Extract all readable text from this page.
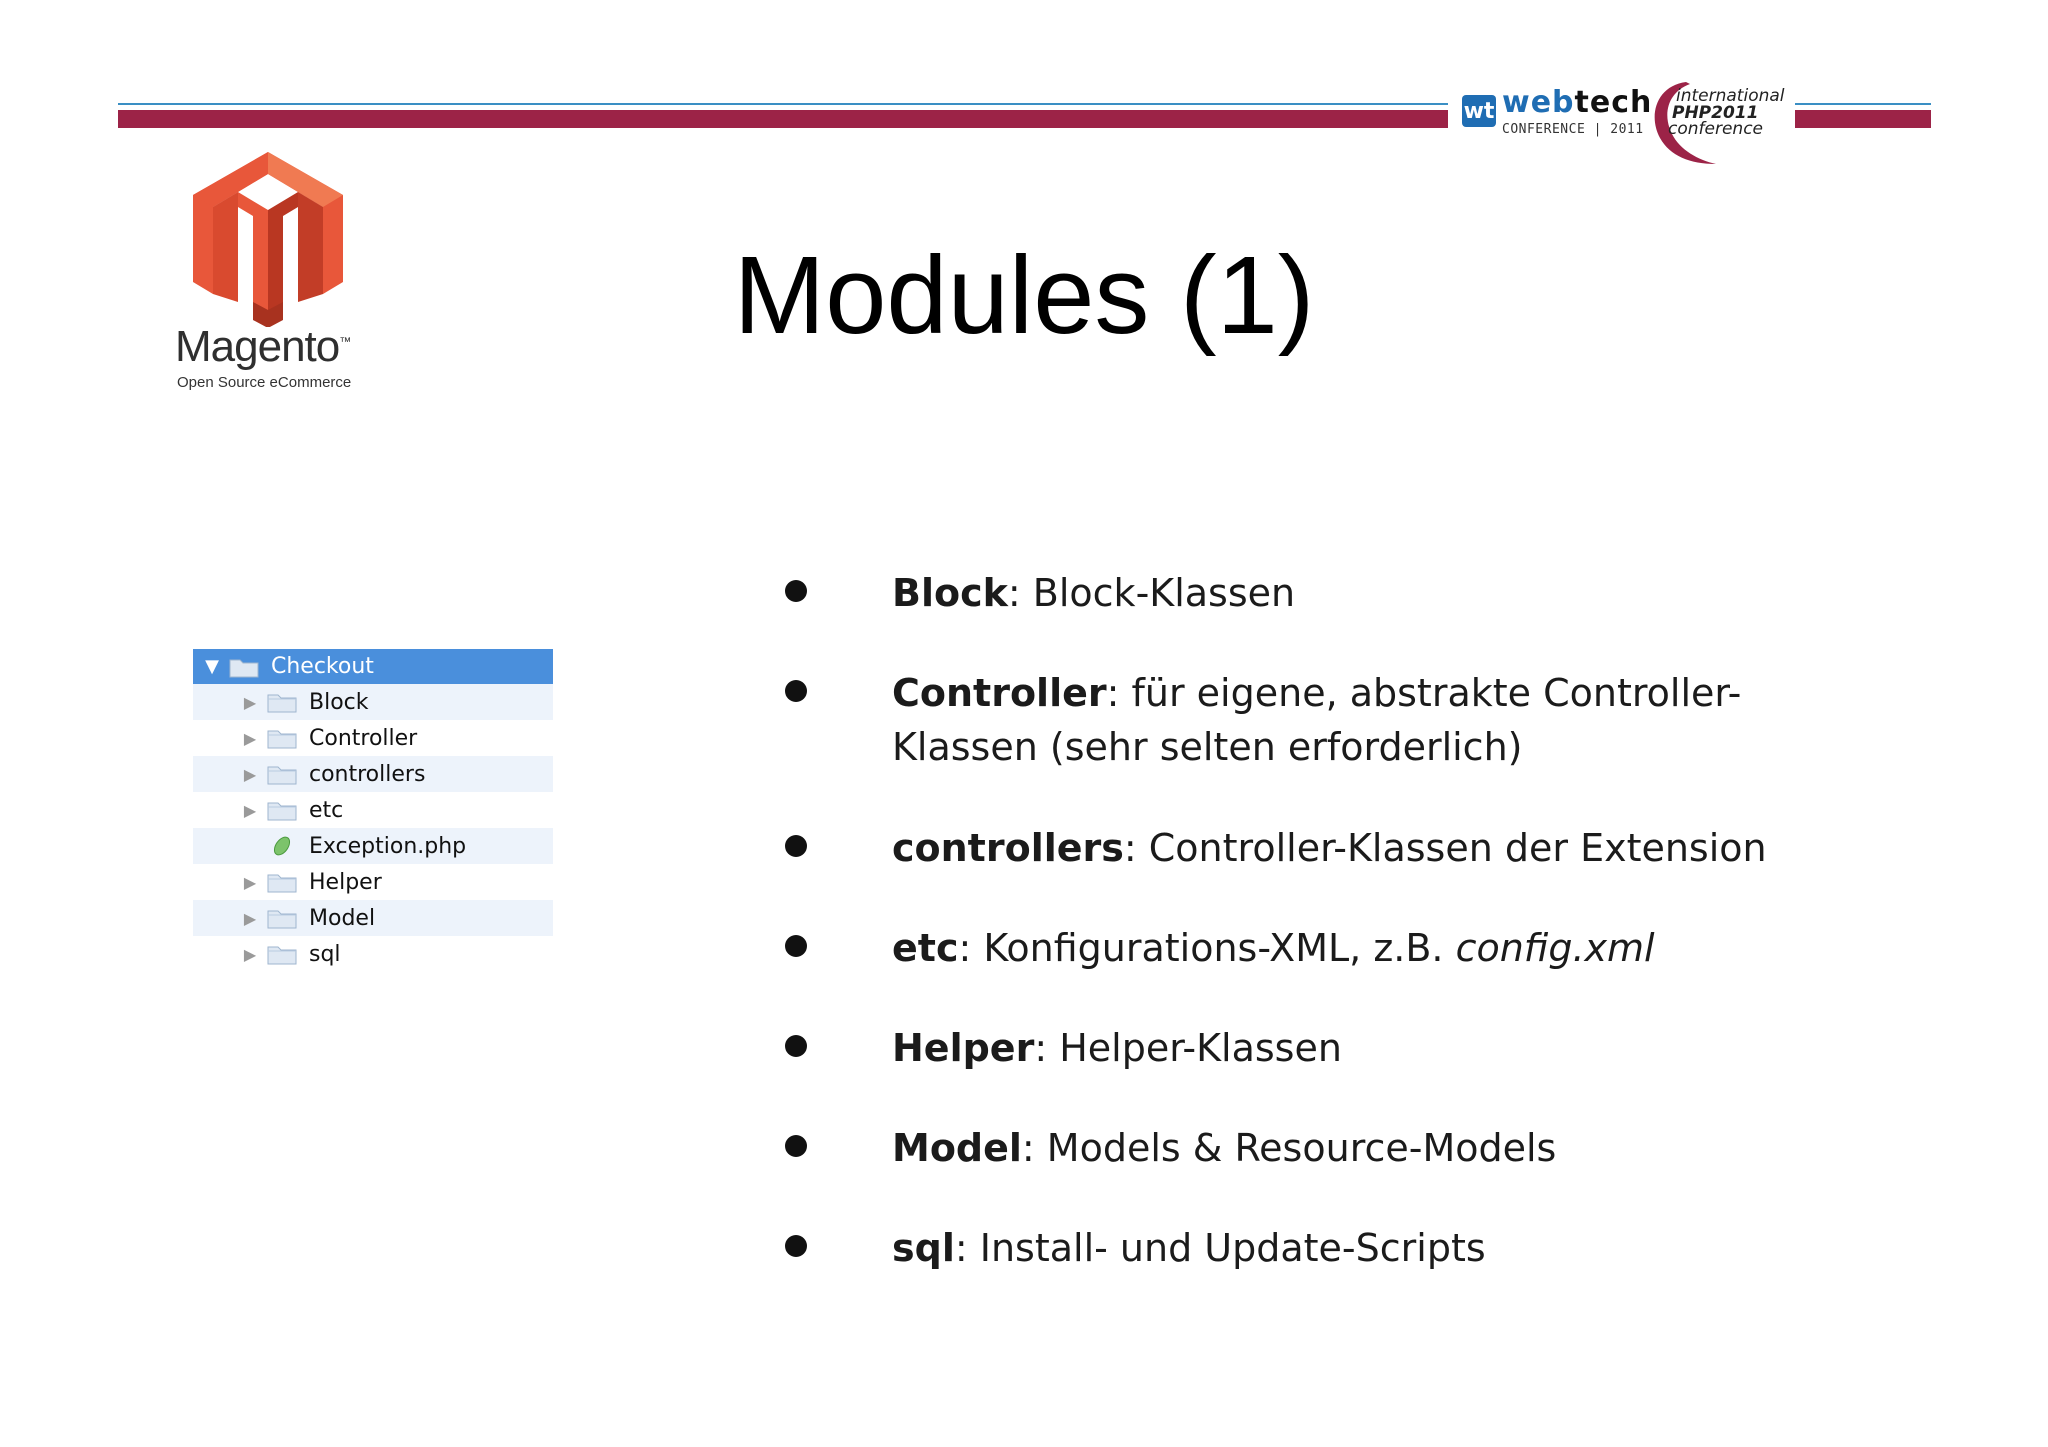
wt webtech
CONFERENCE | 2011
international
PHP2011
conference
Magento™
Open Source eCommerce
Modules (1)
▼	Checkout
▶	Block
▶	Controller
▶	controllers
▶	etc
Exception.php
▶	Helper
▶	Model
▶	sql
Block: Block-Klassen
Controller: für eigene, abstrakte Controller-
Klassen (sehr selten erforderlich)
controllers: Controller-Klassen der Extension
etc: Konfigurations-XML, z.B. config.xml
Helper: Helper-Klassen
Model: Models & Resource-Models
sql: Install- und Update-Scripts
